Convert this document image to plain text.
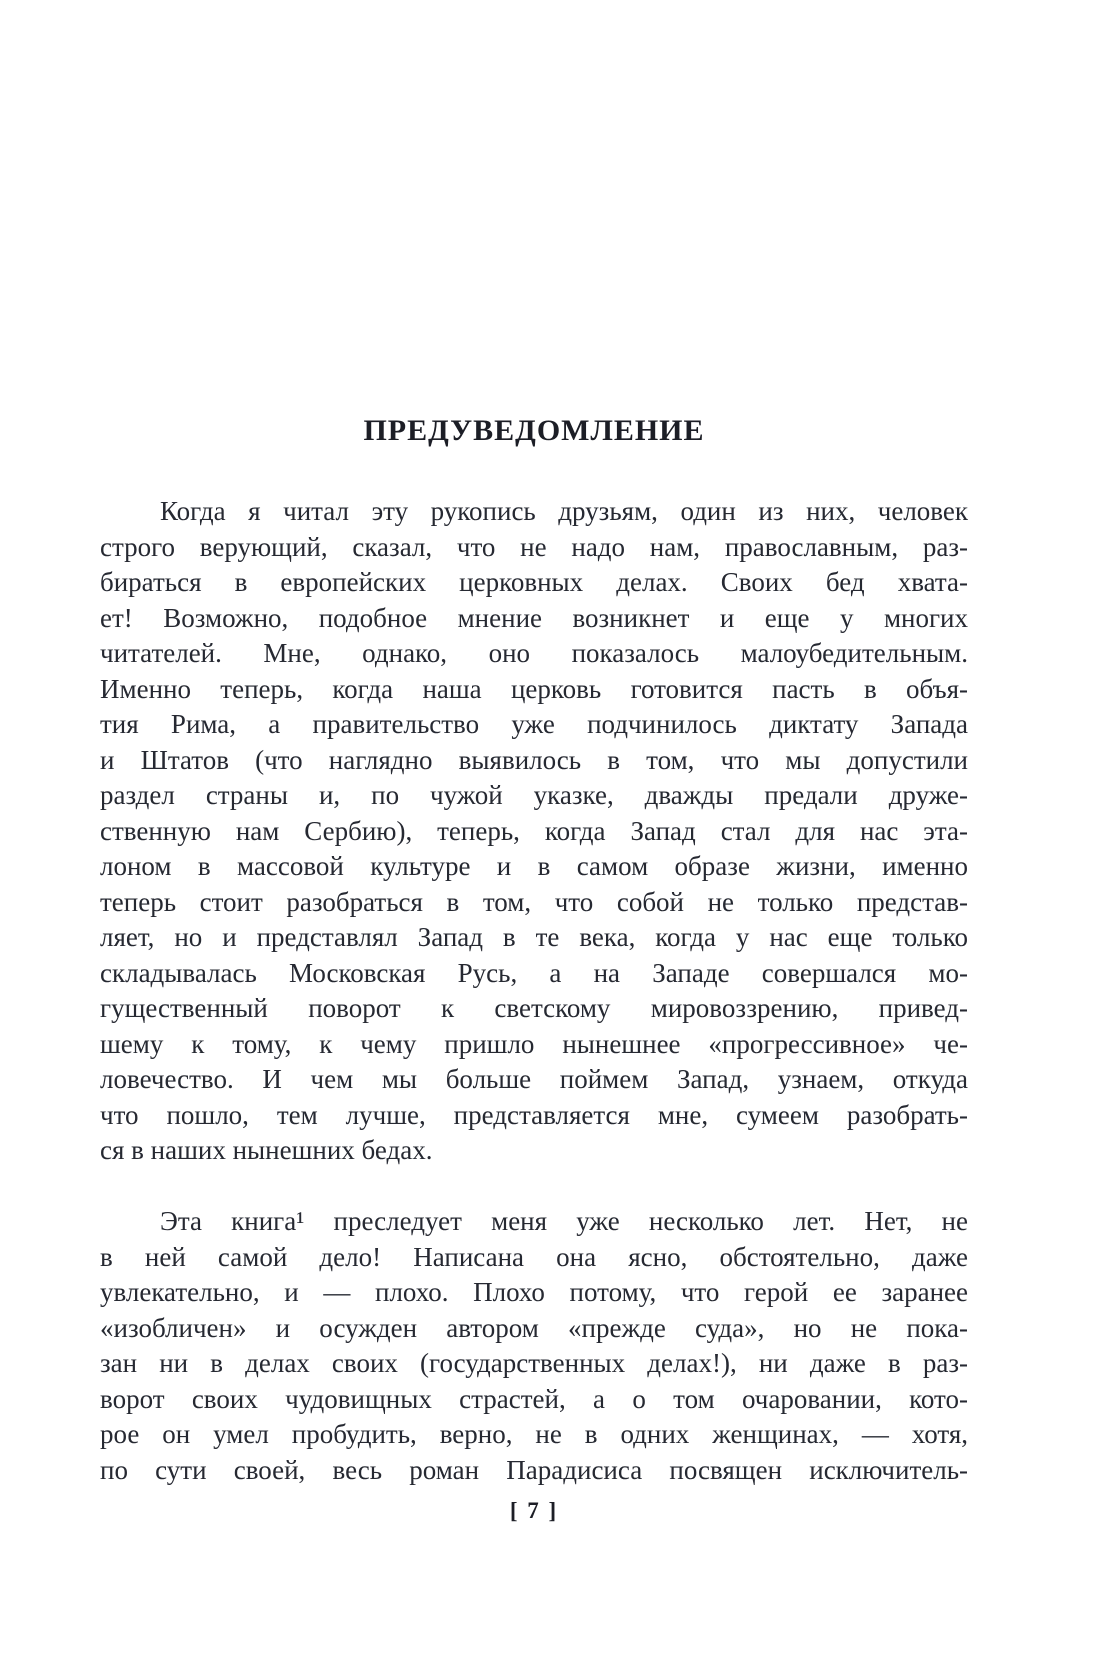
ПРЕДУВЕДОМЛЕНИЕ
Когда я читал эту рукопись друзьям, один из них, человек
строго верующий, сказал, что не надо нам, православным, раз-
бираться в европейских церковных делах. Своих бед хвата-
ет! Возможно, подобное мнение возникнет и еще у многих
читателей. Мне, однако, оно показалось малоубедительным.
Именно теперь, когда наша церковь готовится пасть в объя-
тия Рима, а правительство уже подчинилось диктату Запада
и Штатов (что наглядно выявилось в том, что мы допустили
раздел страны и, по чужой указке, дважды предали друже-
ственную нам Сербию), теперь, когда Запад стал для нас эта-
лоном в массовой культуре и в самом образе жизни, именно
теперь стоит разобраться в том, что собой не только представ-
ляет, но и представлял Запад в те века, когда у нас еще только
складывалась Московская Русь, а на Западе совершался мо-
гущественный поворот к светскому мировоззрению, привед-
шему к тому, к чему пришло нынешнее «прогрессивное» че-
ловечество. И чем мы больше поймем Запад, узнаем, откуда
что пошло, тем лучше, представляется мне, сумеем разобрать-
ся в наших нынешних бедах.
Эта книга¹ преследует меня уже несколько лет. Нет, не
в ней самой дело! Написана она ясно, обстоятельно, даже
увлекательно, и — плохо. Плохо потому, что герой ее заранее
«изобличен» и осужден автором «прежде суда», но не пока-
зан ни в делах своих (государственных делах!), ни даже в раз-
ворот своих чудовищных страстей, а о том очаровании, кото-
рое он умел пробудить, верно, не в одних женщинах, — хотя,
по сути своей, весь роман Парадисиса посвящен исключитель-
[ 7 ]
